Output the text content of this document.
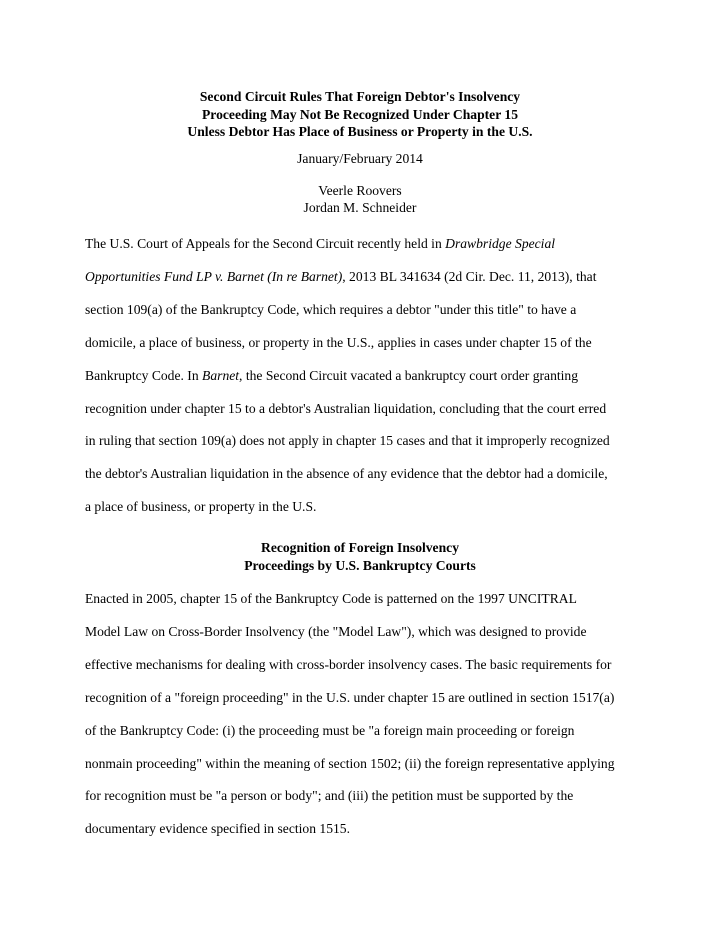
Second Circuit Rules That Foreign Debtor's Insolvency
Proceeding May Not Be Recognized Under Chapter 15
Unless Debtor Has Place of Business or Property in the U.S.
January/February 2014
Veerle Roovers
Jordan M. Schneider
The U.S. Court of Appeals for the Second Circuit recently held in Drawbridge Special
Opportunities Fund LP v. Barnet (In re Barnet), 2013 BL 341634 (2d Cir. Dec. 11, 2013), that
section 109(a) of the Bankruptcy Code, which requires a debtor "under this title" to have a
domicile, a place of business, or property in the U.S., applies in cases under chapter 15 of the
Bankruptcy Code. In Barnet, the Second Circuit vacated a bankruptcy court order granting
recognition under chapter 15 to a debtor's Australian liquidation, concluding that the court erred
in ruling that section 109(a) does not apply in chapter 15 cases and that it improperly recognized
the debtor's Australian liquidation in the absence of any evidence that the debtor had a domicile,
a place of business, or property in the U.S.
Recognition of Foreign Insolvency
Proceedings by U.S. Bankruptcy Courts
Enacted in 2005, chapter 15 of the Bankruptcy Code is patterned on the 1997 UNCITRAL
Model Law on Cross-Border Insolvency (the "Model Law"), which was designed to provide
effective mechanisms for dealing with cross-border insolvency cases. The basic requirements for
recognition of a "foreign proceeding" in the U.S. under chapter 15 are outlined in section 1517(a)
of the Bankruptcy Code: (i) the proceeding must be "a foreign main proceeding or foreign
nonmain proceeding" within the meaning of section 1502; (ii) the foreign representative applying
for recognition must be "a person or body"; and (iii) the petition must be supported by the
documentary evidence specified in section 1515.
